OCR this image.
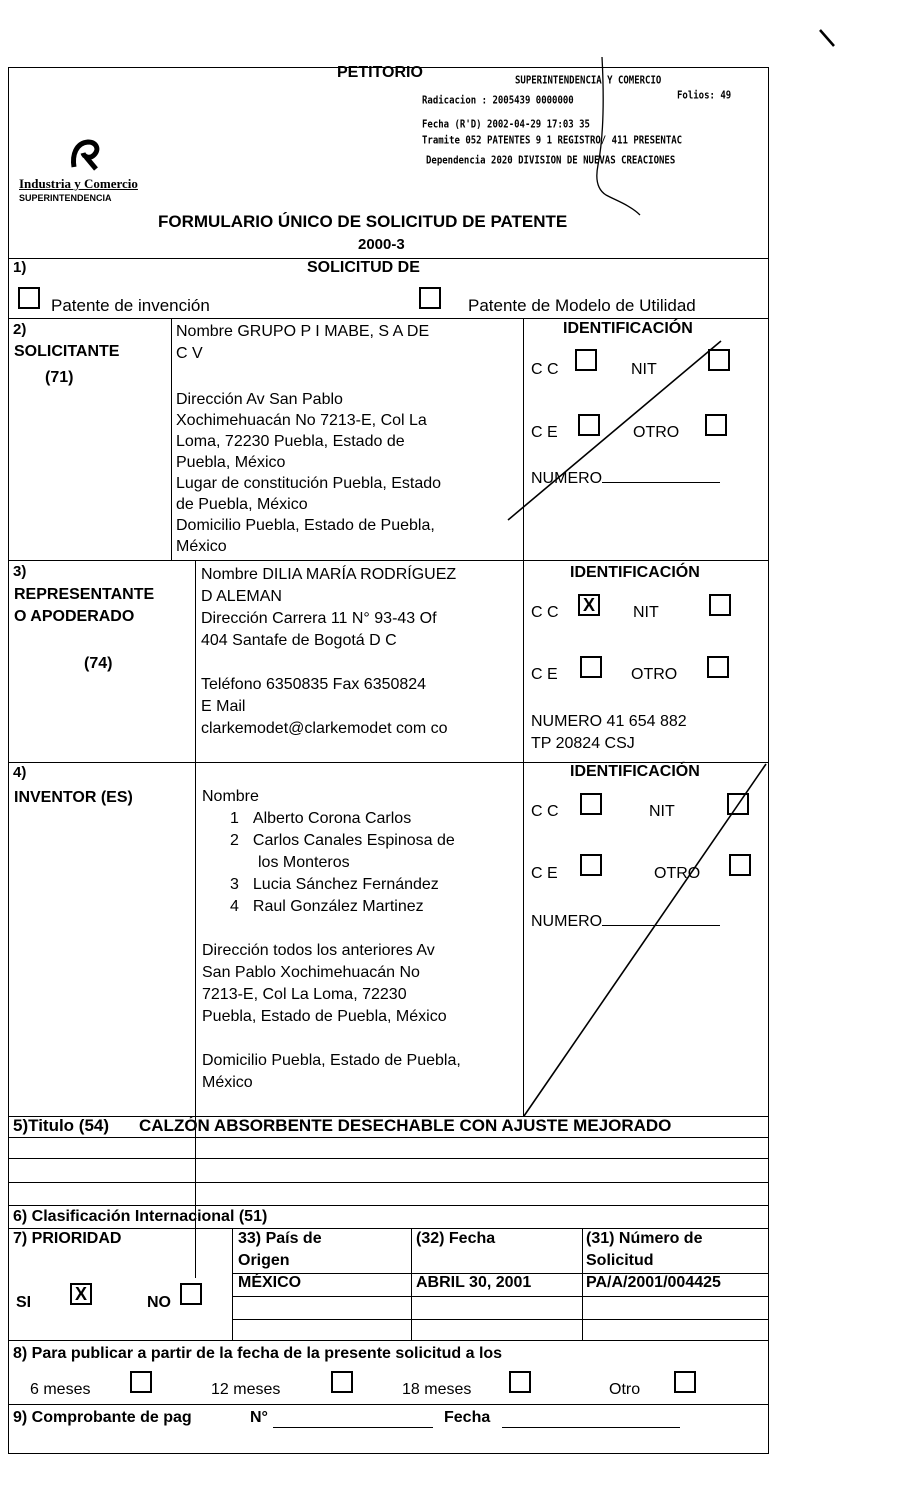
PETITORIO
Industria y Comercio
SUPERINTENDENCIA
SUPERINTENDENCIA Y COMERCIO
Radicacion : 2005439 0000000	Folios: 49
Fecha (R'D) 2002-04-29 17:03 35
Tramite 052 PATENTES 9 1 REGISTRO/ 411 PRESENTAC
Dependencia 2020 DIVISION DE NUEVAS CREACIONES
FORMULARIO ÚNICO DE SOLICITUD DE PATENTE
2000-3
1)	SOLICITUD DE
Patente de invención	Patente de Modelo de Utilidad
2)
SOLICITANTE
(71)
Nombre GRUPO P I MABE, S A DE
C V
Dirección Av San Pablo
Xochimehuacán No 7213-E, Col La
Loma, 72230 Puebla, Estado de
Puebla, México
Lugar de constitución Puebla, Estado
de Puebla, México
Domicilio Puebla, Estado de Puebla,
México
IDENTIFICACIÓN
C C	NIT
C E	OTRO
NUMERO
3)
REPRESENTANTE
O APODERADO
(74)
Nombre DILIA MARÍA RODRÍGUEZ
D ALEMAN
Dirección Carrera 11 N° 93-43 Of
404 Santafe de Bogotá D C
Teléfono 6350835 Fax 6350824
E Mail
clarkemodet@clarkemodet com co
IDENTIFICACIÓN
C C X	NIT
C E	OTRO
NUMERO 41 654 882
TP 20824 CSJ
4)
INVENTOR (ES)	Nombre
1 Alberto Corona Carlos
2 Carlos Canales Espinosa de
los Monteros
3 Lucia Sánchez Fernández
4 Raul González Martinez
Dirección todos los anteriores Av
San Pablo Xochimehuacán No
7213-E, Col La Loma, 72230
Puebla, Estado de Puebla, México
Domicilio Puebla, Estado de Puebla,
México
IDENTIFICACIÓN
C C	NIT
C E	OTRO
NUMERO
5)Titulo (54) CALZÓN ABSORBENTE DESECHABLE CON AJUSTE MEJORADO
6) Clasificación Internacional (51)
7) PRIORIDAD
SI X	NO
33) País de
Origen
(32) Fecha	(31) Número de
Solicitud
MÉXICO	ABRIL 30, 2001	PA/A/2001/004425
8) Para publicar a partir de la fecha de la presente solicitud a los
6 meses	12 meses	18 meses	Otro
9) Comprobante de pag	N°	Fecha
